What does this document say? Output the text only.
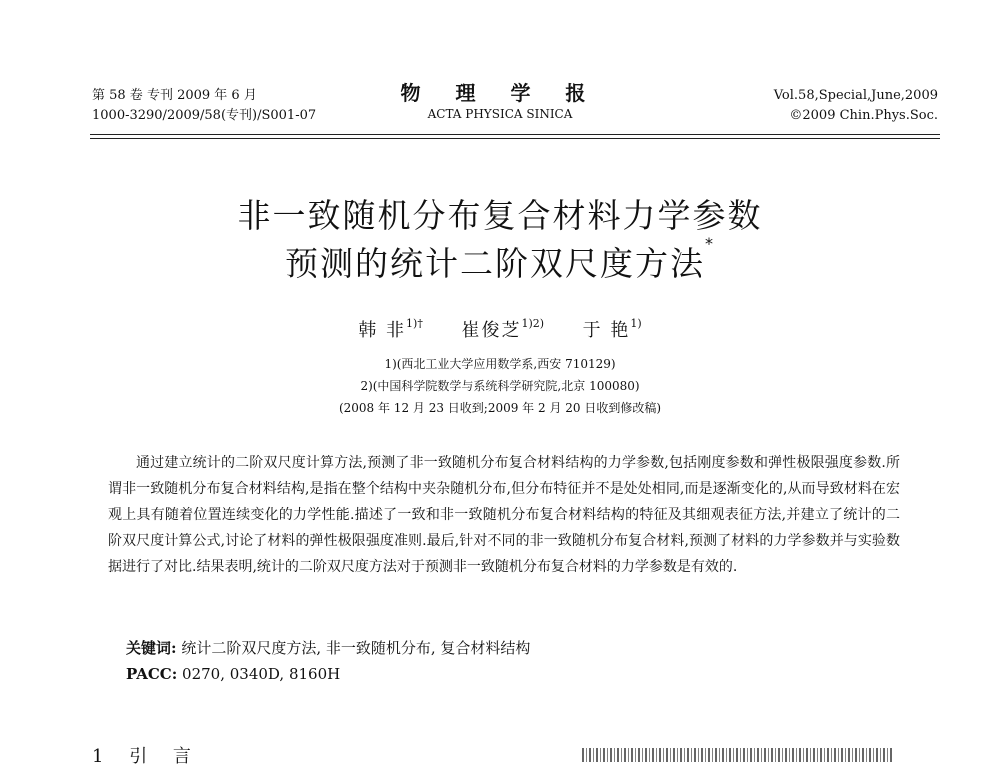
第 58 卷 专刊 2009 年 6 月
1000-3290/2009/58(专刊)/S001-07
物 理 学 报
ACTA PHYSICA SINICA
Vol.58,Special,June,2009
©2009 Chin.Phys.Soc.
非一致随机分布复合材料力学参数
预测的统计二阶双尺度方法*
韩 非$^{1)\dagger}$ 崔俊芝$^{1)2)}$ 于 艳$^{1)}$
1)(西北工业大学应用数学系,西安 710129)
2)(中国科学院数学与系统科学研究院,北京 100080)
(2008 年 12 月 23 日收到;2009 年 2 月 20 日收到修改稿)
通过建立统计的二阶双尺度计算方法,预测了非一致随机分布复合材料结构的力学参数,包括刚度参数和弹性极限强度参数.所谓非一致随机分布复合材料结构,是指在整个结构中夹杂随机分布,但分布特征并不是处处相同,而是逐渐变化的,从而导致材料在宏观上具有随着位置连续变化的力学性能.描述了一致和非一致随机分布复合材料结构的特征及其细观表征方法,并建立了统计的二阶双尺度计算公式,讨论了材料的弹性极限强度准则.最后,针对不同的非一致随机分布复合材料,预测了材料的力学参数并与实验数据进行了对比.结果表明,统计的二阶双尺度方法对于预测非一致随机分布复合材料的力学参数是有效的.
关键词: 统计二阶双尺度方法, 非一致随机分布, 复合材料结构
PACC: 0270, 0340D, 8160H
1 引 言
